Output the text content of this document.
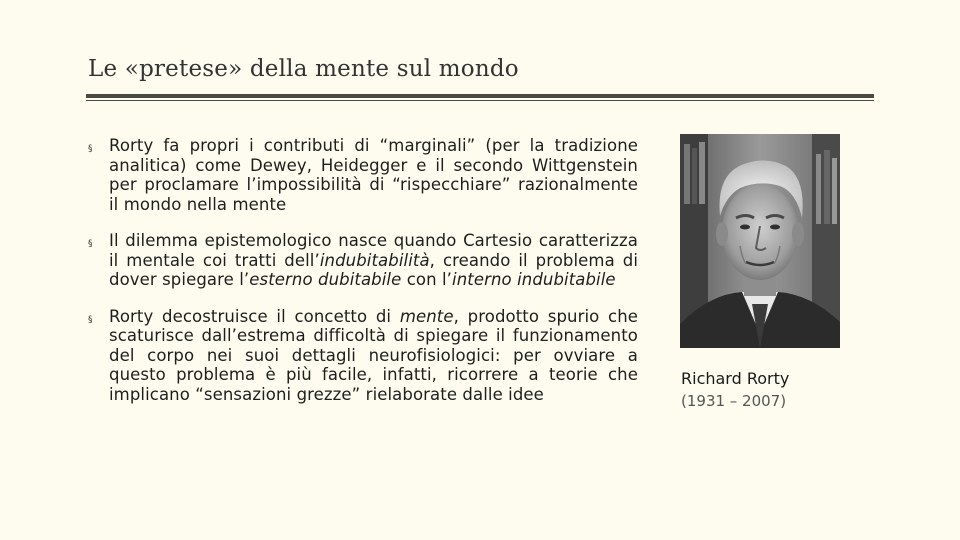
Le «pretese» della mente sul mondo
§ Rorty fa propri i contributi di “marginali” (per la tradizione analitica) come Dewey, Heidegger e il secondo Wittgenstein per proclamare l’impossibilità di “rispecchiare” razionalmente il mondo nella mente
§ Il dilemma epistemologico nasce quando Cartesio caratterizza il mentale coi tratti dell’indubitabilità, creando il problema di dover spiegare l’esterno dubitabile con l’interno indubitabile
§ Rorty decostruisce il concetto di mente, prodotto spurio che scaturisce dall’estrema difficoltà di spiegare il funzionamento del corpo nei suoi dettagli neurofisiologici: per ovviare a questo problema è più facile, infatti, ricorrere a teorie che implicano “sensazioni grezze” rielaborate dalle idee
Richard Rorty
(1931 – 2007)
